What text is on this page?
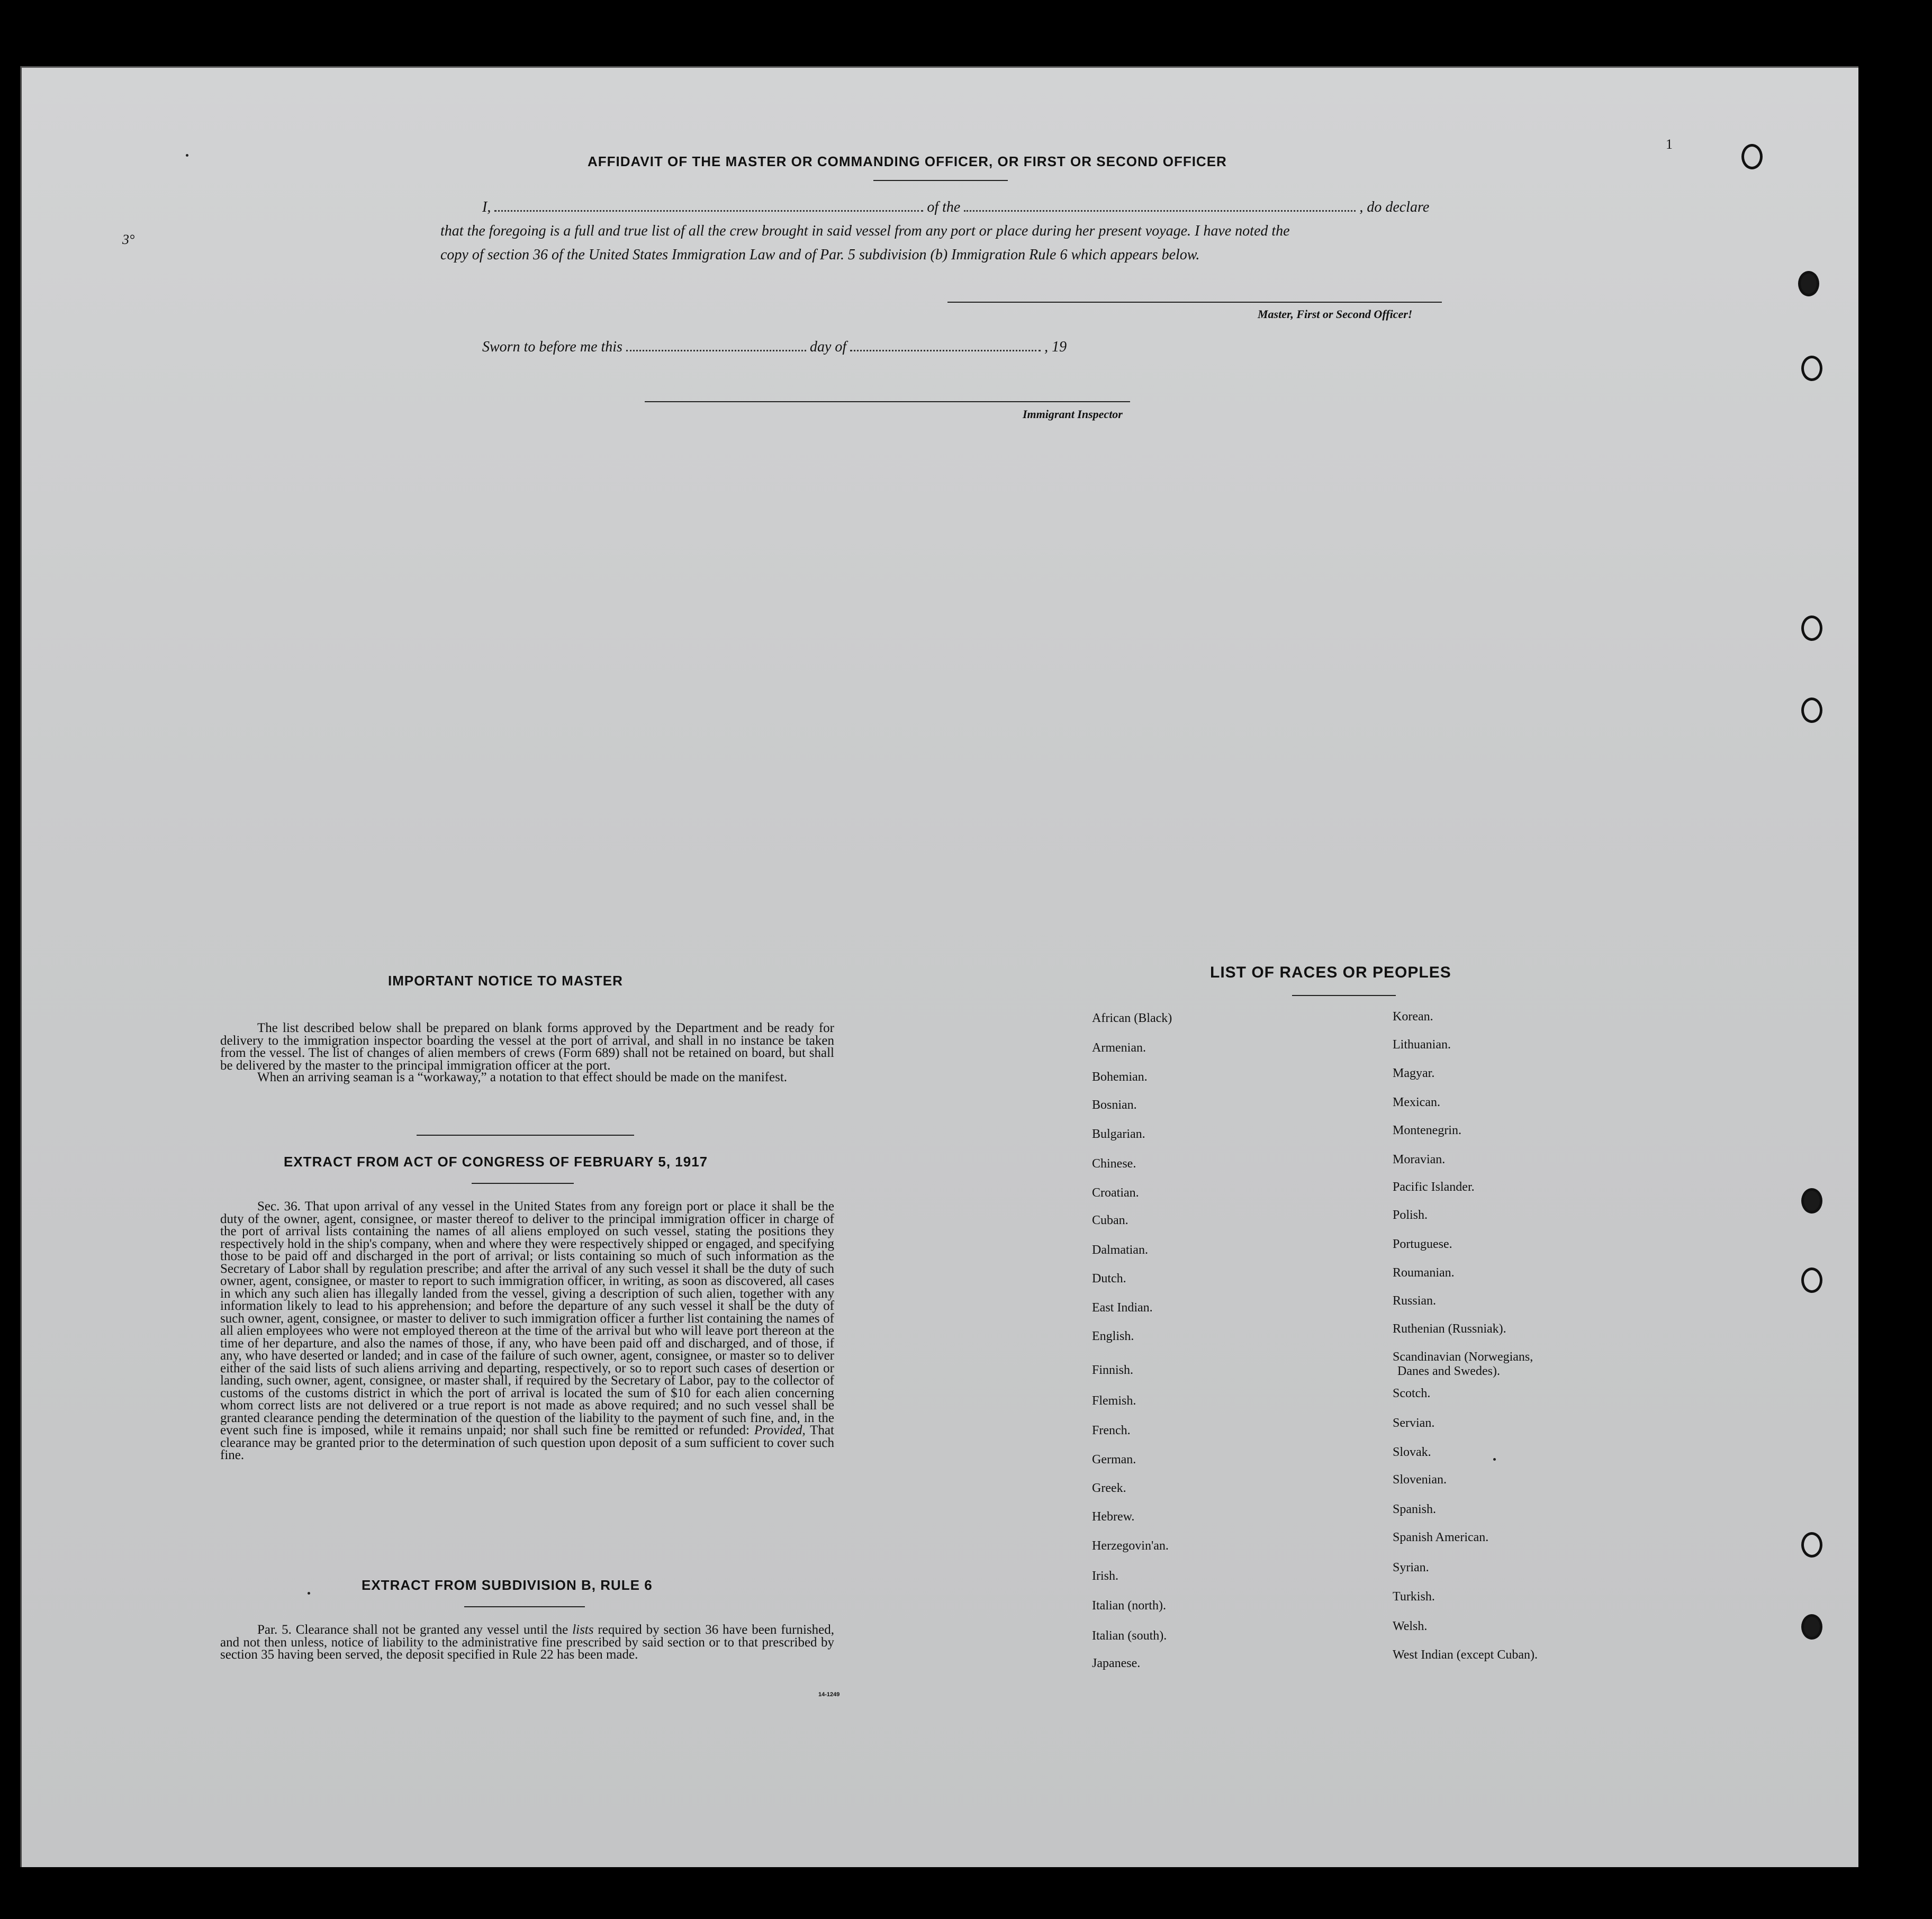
AFFIDAVIT OF THE MASTER OR COMMANDING OFFICER, OR FIRST OR SECOND OFFICER
I,	of the	, do declare
that the foregoing is a full and true list of all the crew brought in said vessel from any port or place during her present voyage. I have noted the
copy of section 36 of the United States Immigration Law and of Par. 5 subdivision (b) Immigration Rule 6 which appears below.
Master, First or Second Officer!
Sworn to before me this	day of	, 19
Immigrant Inspector
3°
1
IMPORTANT NOTICE TO MASTER
The list described below shall be prepared on blank forms approved by the Department and be ready for delivery to the immigration inspector boarding the vessel at the port of arrival, and shall in no instance be taken from the vessel. The list of changes of alien members of crews (Form 689) shall not be retained on board, but shall be delivered by the master to the principal immigration officer at the port.
When an arriving seaman is a “workaway,” a notation to that effect should be made on the manifest.
EXTRACT FROM ACT OF CONGRESS OF FEBRUARY 5, 1917
Sec. 36. That upon arrival of any vessel in the United States from any foreign port or place it shall be the duty of the owner, agent, consignee, or master thereof to deliver to the principal immigration officer in charge of the port of arrival lists containing the names of all aliens employed on such vessel, stating the positions they respectively hold in the ship's company, when and where they were respectively shipped or engaged, and specifying those to be paid off and discharged in the port of arrival; or lists containing so much of such information as the Secretary of Labor shall by regulation prescribe; and after the arrival of any such vessel it shall be the duty of such owner, agent, consignee, or master to report to such immigration officer, in writing, as soon as discovered, all cases in which any such alien has illegally landed from the vessel, giving a description of such alien, together with any information likely to lead to his apprehension; and before the departure of any such vessel it shall be the duty of such owner, agent, consignee, or master to deliver to such immigration officer a further list containing the names of all alien employees who were not employed thereon at the time of the arrival but who will leave port thereon at the time of her departure, and also the names of those, if any, who have been paid off and discharged, and of those, if any, who have deserted or landed; and in case of the failure of such owner, agent, consignee, or master so to deliver either of the said lists of such aliens arriving and departing, respectively, or so to report such cases of desertion or landing, such owner, agent, consignee, or master shall, if required by the Secretary of Labor, pay to the collector of customs of the customs district in which the port of arrival is located the sum of $10 for each alien concerning whom correct lists are not delivered or a true report is not made as above required; and no such vessel shall be granted clearance pending the determination of the question of the liability to the payment of such fine, and, in the event such fine is imposed, while it remains unpaid; nor shall such fine be remitted or refunded: Provided, That clearance may be granted prior to the determination of such question upon deposit of a sum sufficient to cover such fine.
EXTRACT FROM SUBDIVISION B, RULE 6
Par. 5. Clearance shall not be granted any vessel until the lists required by section 36 have been furnished, and not then unless, notice of liability to the administrative fine prescribed by said section or to that prescribed by section 35 having been served, the deposit specified in Rule 22 has been made.
14-1249
LIST OF RACES OR PEOPLES
African (Black)
Armenian.
Bohemian.
Bosnian.
Bulgarian.
Chinese.
Croatian.
Cuban.
Dalmatian.
Dutch.
East Indian.
English.
Finnish.
Flemish.
French.
German.
Greek.
Hebrew.
Herzegovin'an.
Irish.
Italian (north).
Italian (south).
Japanese.
Korean.
Lithuanian.
Magyar.
Mexican.
Montenegrin.
Moravian.
Pacific Islander.
Polish.
Portuguese.
Roumanian.
Russian.
Ruthenian (Russniak).
Scandinavian (Norwegians,
Scotch.
Servian.
Slovak.
Slovenian.
Spanish.
Spanish American.
Syrian.
Turkish.
Welsh.
West Indian (except Cuban).
Danes and Swedes).
